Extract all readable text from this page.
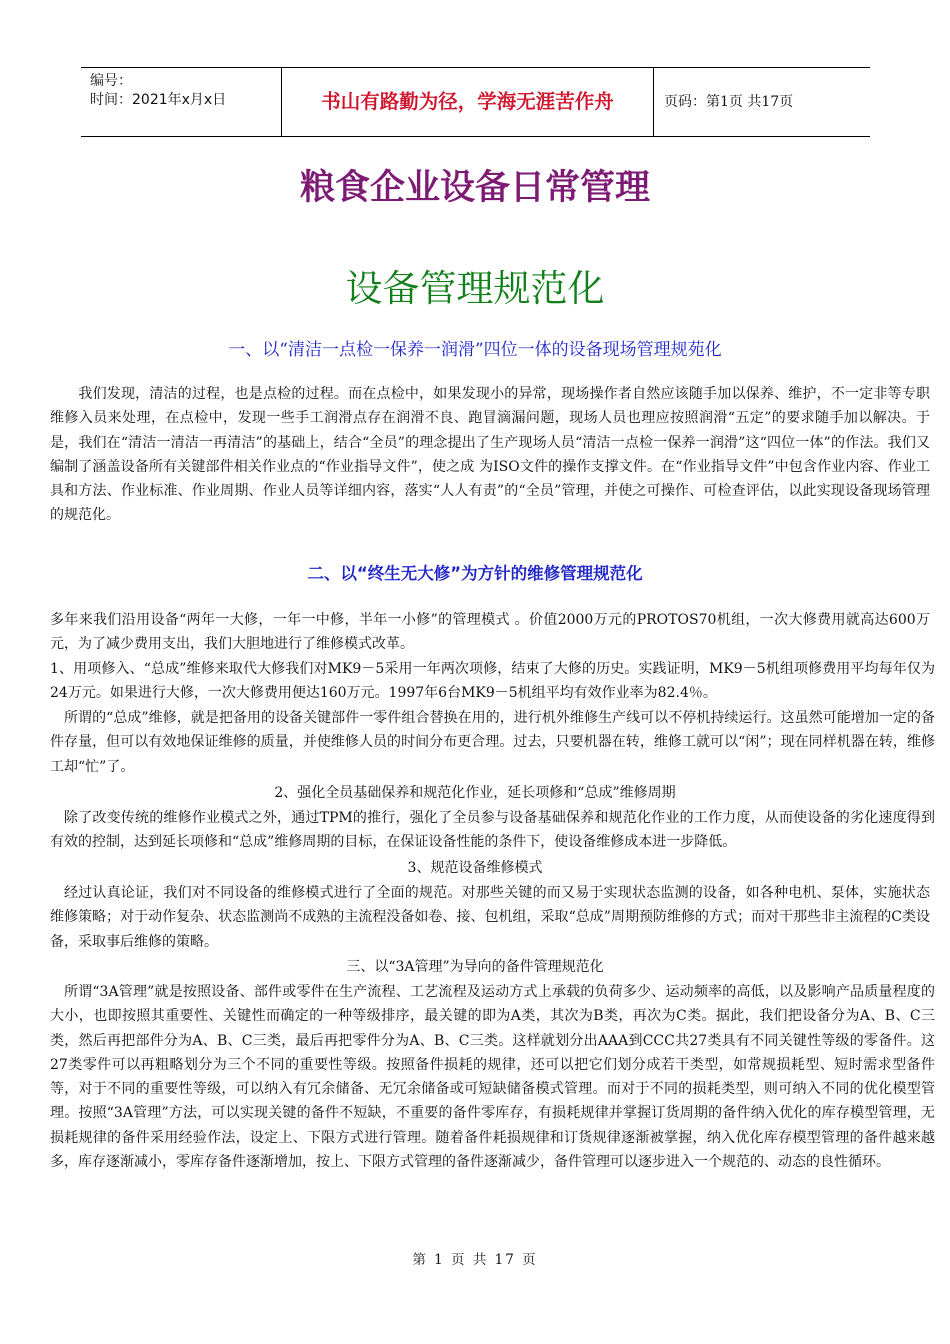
编号：
时间：2021年x月x日	书山有路勤为径，学海无涯苦作舟	页码：第1页 共17页
粮食企业设备日常管理
设备管理规范化
一、以“清洁一点检一保养一润滑”四位一体的设备现场管理规苑化

　　我们发现，清洁的过程，也是点检的过程。而在点检中，如果发现小的异常，现场操作者自然应该随手加以保养、维护，不一定非等专职维修入员来处理，在点检中，发现一些手工润滑点存在润滑不良、跑冒滴漏问题，现场人员也理应按照润滑“五定”的要求随手加以解决。于是，我们在“清洁一清洁一再清洁”的基础上，结合“全员”的理念提出了生产现场人员“清洁一点检一保养一润滑”这“四位一体”的作法。我们又编制了涵盖设备所有关键部件相关作业点的“作业指导文件”，使之成 为ISO文件的操作支撑文件。在“作业指导文件”中包含作业内容、作业工具和方法、作业标准、作业周期、作业人员等详细内容，落实“人人有责”的“全员”管理，并使之可操作、可检查评估，以此实现设备现场管理的规范化。

二、以“终生无大修”为方针的维修管理规范化

多年来我们沿用设备“两年一大修，一年一中修，半年一小修”的管理模式 。价值2000万元的PROTOS70机组，一次大修费用就高达600万元，为了减少费用支出，我们大胆地进行了维修模式改革。

1、用项修入、“总成”维修来取代大修我们对MK9－5采用一年两次项修，结束了大修的历史。实践证明，MK9－5机组项修费用平均每年仅为24万元。如果进行大修，一次大修费用便达160万元。1997年6台MK9－5机组平均有效作业率为82.4％。

所谓的“总成”维修，就是把备用的设备关键部件一零件组合替换在用的，进行机外维修生产线可以不停机持续运行。这虽然可能增加一定的备件存量，但可以有效地保证维修的质量，并使维修人员的时间分布更合理。过去，只要机器在转，维修工就可以“闲”；现在同样机器在转，维修工却“忙”了。

2、强化全员基础保养和规范化作业，延长项修和“总成”维修周期

除了改变传统的维修作业模式之外，通过TPM的推行，强化了全员参与设备基础保养和规范化作业的工作力度，从而使设备的劣化速度得到有效的控制，达到延长项修和“总成”维修周期的目标，在保证设备性能的条件下，使设备维修成本进一步降低。

3、规范设备维修模式

经过认真论证，我们对不同设备的维修模式进行了全面的规范。对那些关键的而又易于实现状态监测的设备，如各种电机、泵体，实施状态维修策略；对于动作复杂、状态监测尚不成熟的主流程没备如卷、接、包机组，采取“总成”周期预防维修的方式；而对干那些非主流程的C类设备，采取事后维修的策略。

三、以“3A管理”为导向的备件管理规范化

所谓“3A管理”就是按照设备、部件或零件在生产流程、工艺流程及运动方式上承载的负荷多少、运动频率的高低，以及影响产品质量程度的大小，也即按照其重要性、关键性而确定的一种等级排序，最关键的即为A类，其次为B类，再次为C类。据此，我们把设备分为A、B、C三类，然后再把部件分为A、B、C三类，最后再把零件分为A、B、C三类。这样就划分出AAA到CCC共27类具有不同关键性等级的零备件。这27类零件可以再粗略划分为三个不同的重要性等级。按照备件损耗的规律，还可以把它们划分成若干类型，如常规损耗型、短时需求型备件等，对于不同的重要性等级，可以纳入有冗余储备、无冗余储备或可短缺储备模式管理。而对于不同的损耗类型，则可纳入不同的优化模型管理。按照“3A管理”方法，可以实现关键的备件不短缺，不重要的备件零库存，有损耗规律并掌握订货周期的备件纳入优化的库存模型管理，无损耗规律的备件采用经验作法，设定上、下限方式进行管理。随着备件耗损规律和订货规律逐渐被掌握，纳入优化库存模型管理的备件越来越多，库存逐渐减小，零库存备件逐渐增加，按上、下限方式管理的备件逐渐减少，备件管理可以逐步进入一个规范的、动态的良性循环。

第 1 页 共 17 页
